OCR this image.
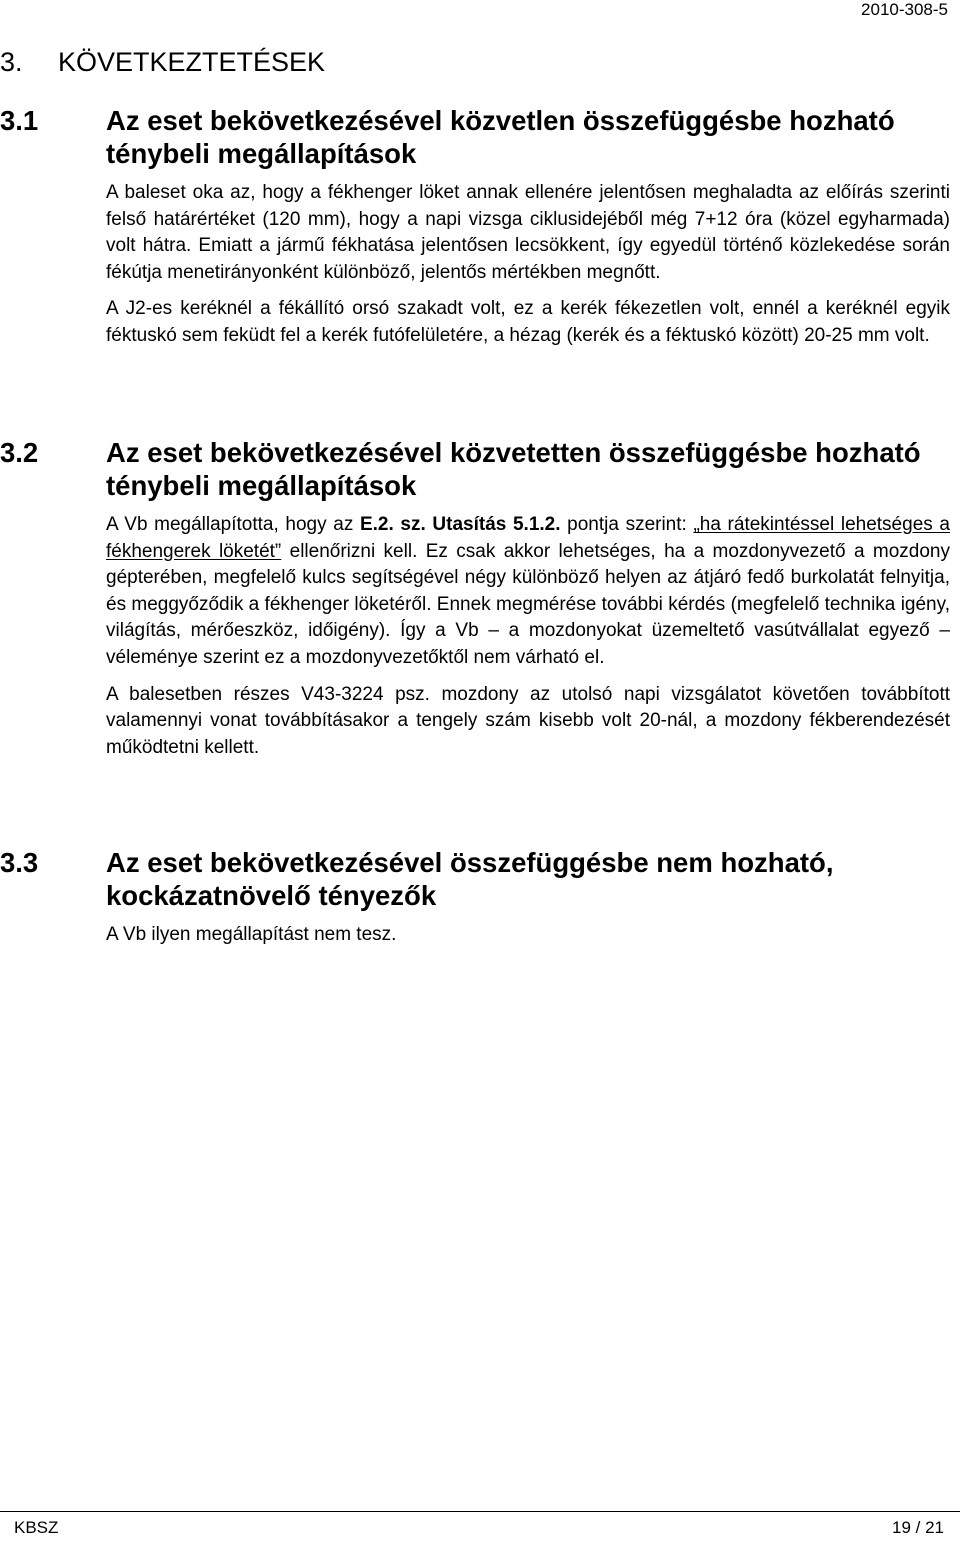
2010-308-5
3. KÖVETKEZTETÉSEK
3.1	Az eset bekövetkezésével közvetlen összefüggésbe hozható ténybeli megállapítások
A baleset oka az, hogy a fékhenger löket annak ellenére jelentősen meghaladta az előírás szerinti felső határértéket (120 mm), hogy a napi vizsga ciklusidejéből még 7+12 óra (közel egyharmada) volt hátra. Emiatt a jármű fékhatása jelentősen lecsökkent, így egyedül történő közlekedése során fékútja menetirányonként különböző, jelentős mértékben megnőtt.
A J2-es keréknél a fékállító orsó szakadt volt, ez a kerék fékezetlen volt, ennél a keréknél egyik féktuskó sem feküdt fel a kerék futófelületére, a hézag (kerék és a féktuskó között) 20-25 mm volt.
3.2	Az eset bekövetkezésével közvetetten összefüggésbe hozható ténybeli megállapítások
A Vb megállapította, hogy az E.2. sz. Utasítás 5.1.2. pontja szerint: „ha rátekintéssel lehetséges a fékhengerek löketét” ellenőrizni kell. Ez csak akkor lehetséges, ha a mozdonyvezető a mozdony gépterében, megfelelő kulcs segítségével négy különböző helyen az átjáró fedő burkolatát felnyitja, és meggyőződik a fékhenger löketéről. Ennek megmérése további kérdés (megfelelő technika igény, világítás, mérőeszköz, időigény). Így a Vb – a mozdonyokat üzemeltető vasútvállalat egyező – véleménye szerint ez a mozdonyvezetőktől nem várható el.
A balesetben részes V43-3224 psz. mozdony az utolsó napi vizsgálatot követően továbbított valamennyi vonat továbbításakor a tengely szám kisebb volt 20-nál, a mozdony fékberendezését működtetni kellett.
3.3	Az eset bekövetkezésével összefüggésbe nem hozható, kockázatnövelő tényezők
A Vb ilyen megállapítást nem tesz.
KBSZ	19 / 21
